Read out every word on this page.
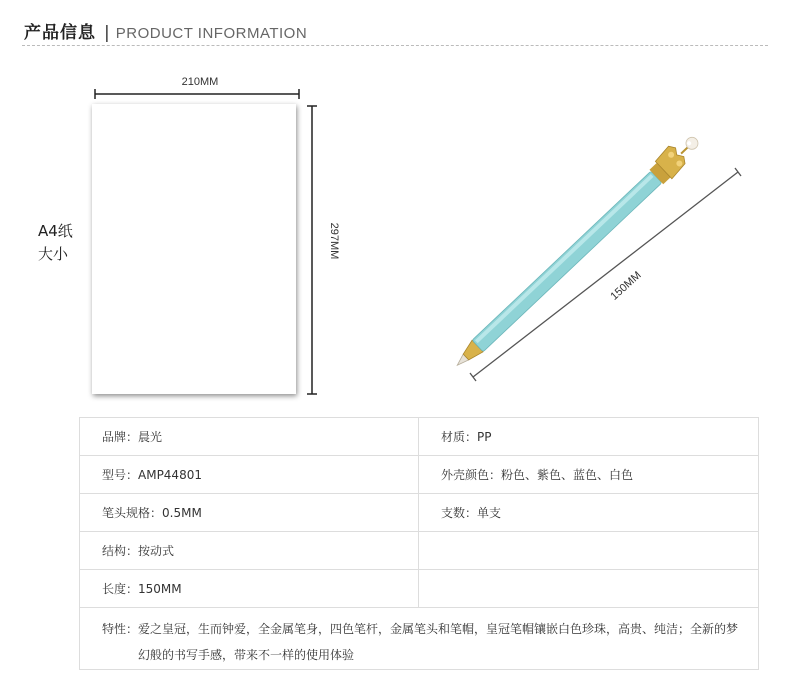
产品信息 | PRODUCT INFORMATION
210MM
297MM
150MM
A4纸
大小
品牌：晨光	材质：PP
型号：AMP44801	外壳颜色：粉色、紫色、蓝色、白色
笔头规格：0.5MM	支数：单支
结构：按动式	
长度：150MM	

特性： 爱之皇冠，生而钟爱，全金属笔身，四色笔杆，金属笔头和笔帽，皇冠笔帽镶嵌白色珍珠，高贵、纯洁；全新的梦幻般的书写手感，带来不一样的使用体验	
